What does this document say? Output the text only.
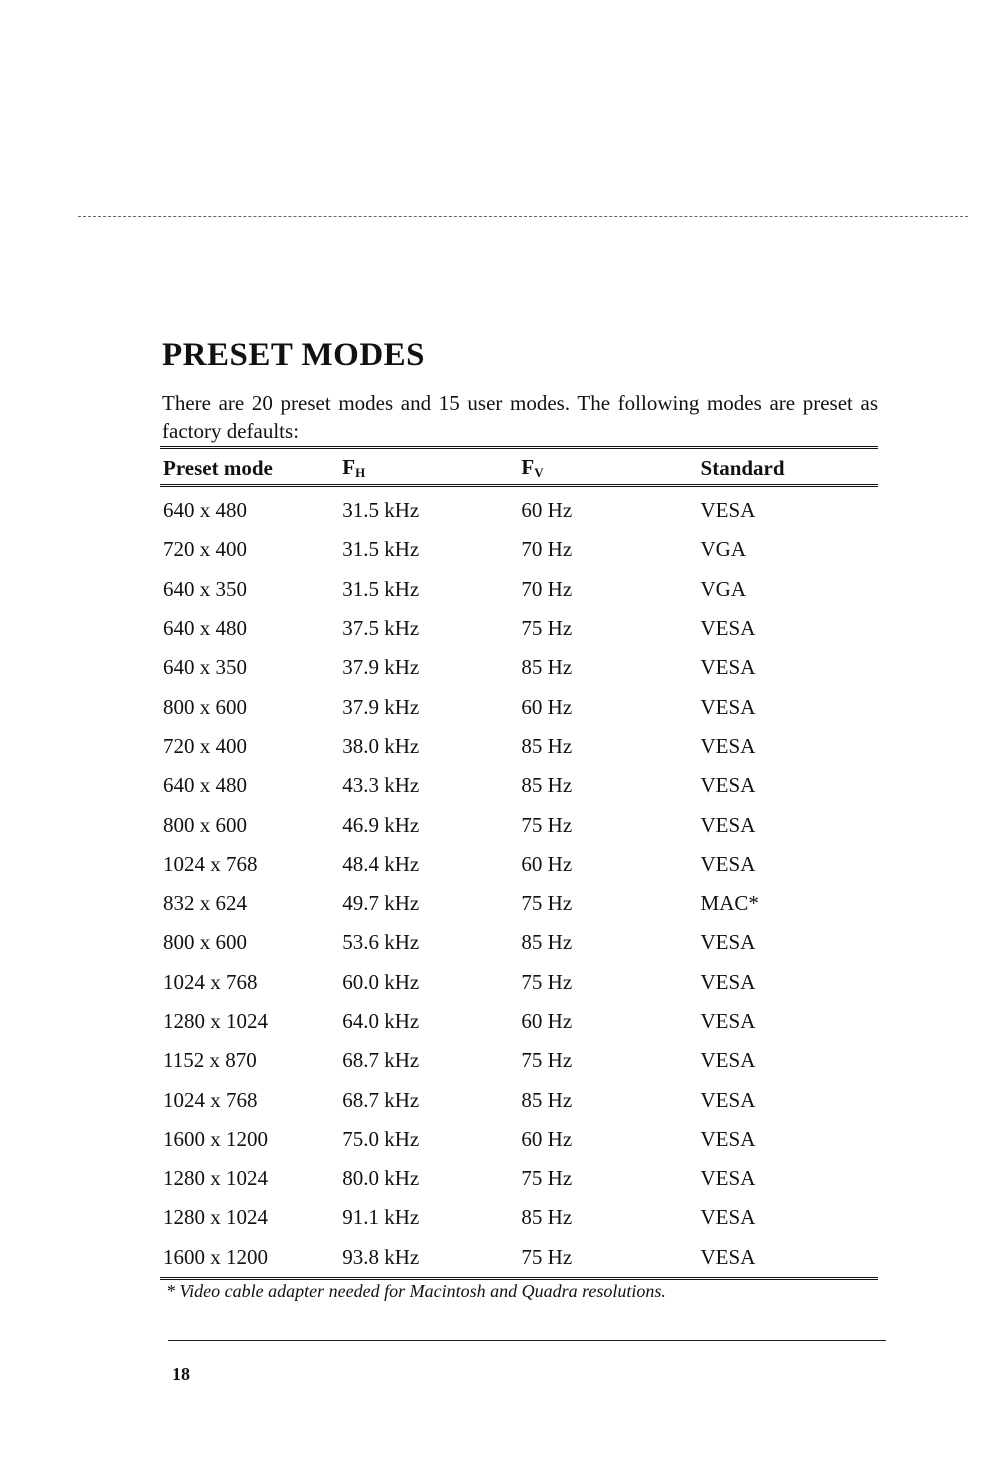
PRESET MODES
There are 20 preset modes and 15 user modes. The following modes are preset as factory defaults:
Preset mode	$F_H$	$F_V$	Standard
640 x 480	31.5 kHz	60 Hz	VESA
720 x 400	31.5 kHz	70 Hz	VGA
640 x 350	31.5 kHz	70 Hz	VGA
640 x 480	37.5 kHz	75 Hz	VESA
640 x 350	37.9 kHz	85 Hz	VESA
800 x 600	37.9 kHz	60 Hz	VESA
720 x 400	38.0 kHz	85 Hz	VESA
640 x 480	43.3 kHz	85 Hz	VESA
800 x 600	46.9 kHz	75 Hz	VESA
1024 x 768	48.4 kHz	60 Hz	VESA
832 x 624	49.7 kHz	75 Hz	MAC*
800 x 600	53.6 kHz	85 Hz	VESA
1024 x 768	60.0 kHz	75 Hz	VESA
1280 x 1024	64.0 kHz	60 Hz	VESA
1152 x 870	68.7 kHz	75 Hz	VESA
1024 x 768	68.7 kHz	85 Hz	VESA
1600 x 1200	75.0 kHz	60 Hz	VESA
1280 x 1024	80.0 kHz	75 Hz	VESA
1280 x 1024	91.1 kHz	85 Hz	VESA
1600 x 1200	93.8 kHz	75 Hz	VESA
* Video cable adapter needed for Macintosh and Quadra resolutions.
18
